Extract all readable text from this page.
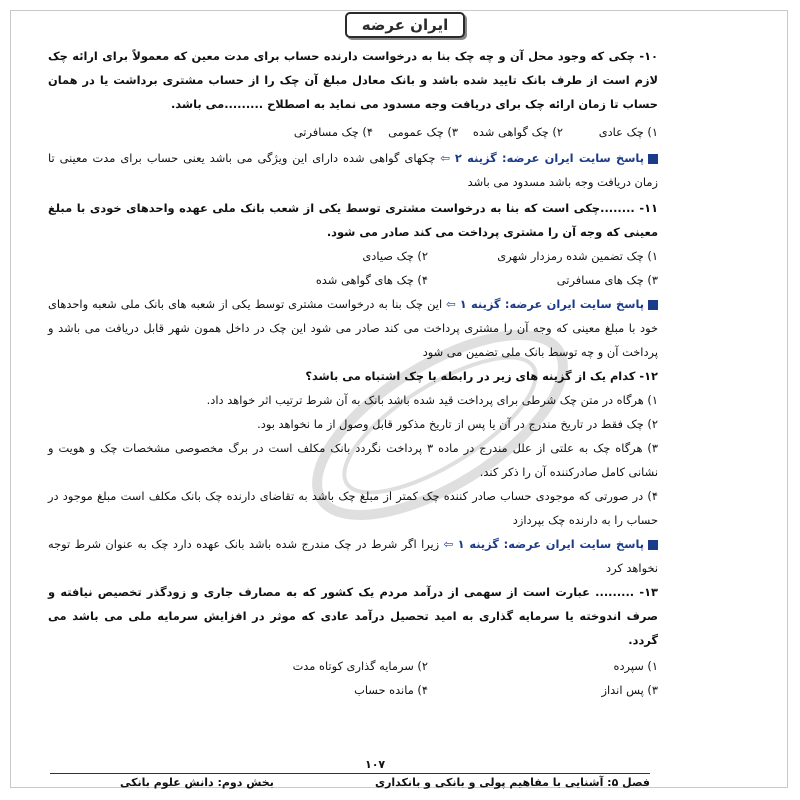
ایران عرضه

۱۰- چکی که وجود محل آن و چه چک بنا به درخواست دارنده حساب برای مدت معین که معمولاً برای ارائه چک لازم است از طرف بانک تایید شده باشد و بانک معادل مبلغ آن چک را از حساب مشتری برداشت یا در همان حساب تا زمان ارائه چک برای دریافت وجه مسدود می نماید به اصطلاح .........می باشد.

۱) چک عادی
۲) چک گواهی شده
۳) چک عمومی
۴) چک مسافرتی

پاسخ سایت ایران عرضه: گزینه ۲ ⇦ چکهای گواهی شده دارای این ویژگی می باشد یعنی حساب برای مدت معینی تا زمان دریافت وجه باشد مسدود می باشد

۱۱- ........چکی است که بنا به درخواست مشتری توسط یکی از شعب بانک ملی عهده واحدهای خودی با مبلغ معینی که وجه آن را مشتری پرداخت می کند صادر می شود.

۱) چک تضمین شده رمزدار شهری
۲) چک صیادی
۳) چک های مسافرتی
۴) چک های گواهی شده

پاسخ سایت ایران عرضه: گزینه ۱ ⇦ این چک بنا به درخواست مشتری توسط یکی از شعبه های بانک ملی شعبه واحدهای خود با مبلغ معینی که وجه آن را مشتری پرداخت می کند صادر می شود این چک در داخل همون شهر قابل دریافت می باشد و پرداخت آن و چه توسط بانک ملی تضمین می شود

۱۲- کدام یک از گزینه های زیر در رابطه با چک اشتباه می باشد؟

۱) هرگاه در متن چک شرطی برای پرداخت قید شده باشد بانک به آن شرط ترتیب اثر خواهد داد.

۲) چک فقط در تاریخ مندرج در آن یا پس از تاریخ مذکور قابل وصول از ما نخواهد بود.

۳) هرگاه چک به علتی از علل مندرج در ماده ۳ پرداخت نگردد بانک مکلف است در برگ مخصوصی مشخصات چک و هویت و نشانی کامل صادرکننده آن را ذکر کند.

۴) در صورتی که موجودی حساب صادر کننده چک کمتر از مبلغ چک باشد به تقاضای دارنده چک بانک مکلف است مبلغ موجود در حساب را به دارنده چک بپردازد

پاسخ سایت ایران عرضه: گزینه ۱ ⇦ زیرا اگر شرط در چک مندرج شده باشد بانک عهده دارد چک به عنوان شرط توجه نخواهد کرد

۱۳- ......... عبارت است از سهمی از درآمد مردم یک کشور که به مصارف جاری و زودگذر تخصیص نیافته و صرف اندوخته یا سرمایه گذاری به امید تحصیل درآمد عادی که موثر در افزایش سرمایه ملی می باشد می گردد.

۱) سپرده
۲) سرمایه گذاری کوتاه مدت
۳) پس انداز
۴) مانده حساب
۱۰۷
فصل ۵: آشنایی با مفاهیم پولی و بانکی و بانکداری
بخش دوم: دانش علوم بانکی
